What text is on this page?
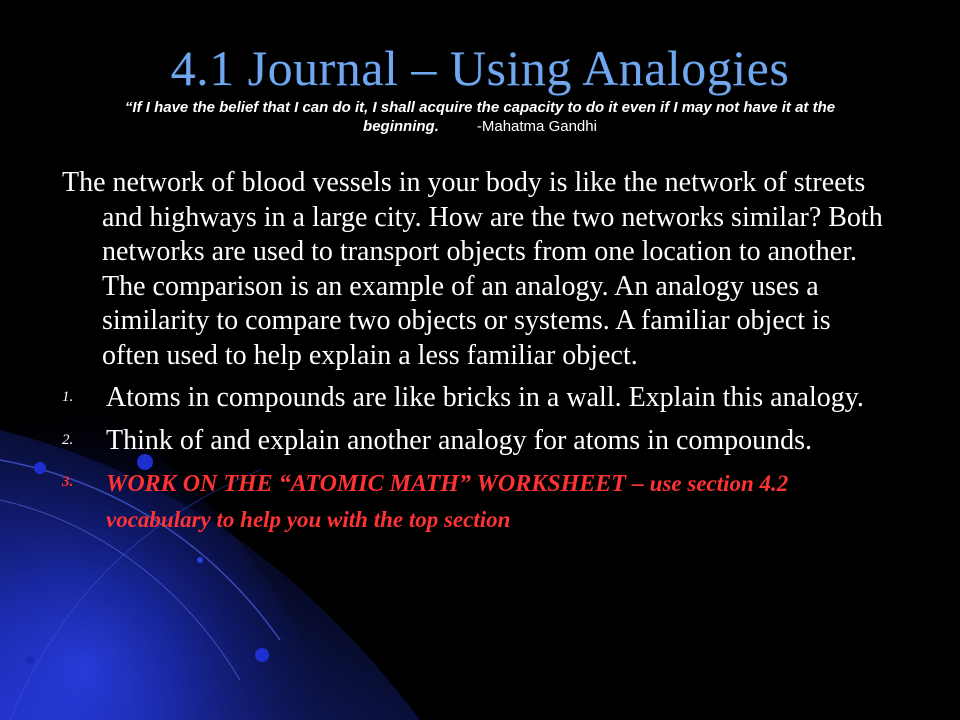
4.1 Journal – Using Analogies
“If I have the belief that I can do it, I shall acquire the capacity to do it even if I may not have it at the beginning.	-Mahatma Gandhi
The network of blood vessels in your body is like the network of streets and highways in a large city. How are the two networks similar? Both networks are used to transport objects from one location to another. The comparison is an example of an analogy. An analogy uses a similarity to compare two objects or systems. A familiar object is often used to help explain a less familiar object.
1. Atoms in compounds are like bricks in a wall. Explain this analogy.
2. Think of and explain another analogy for atoms in compounds.
3. WORK ON THE “ATOMIC MATH” WORKSHEET – use section 4.2 vocabulary to help you with the top section
